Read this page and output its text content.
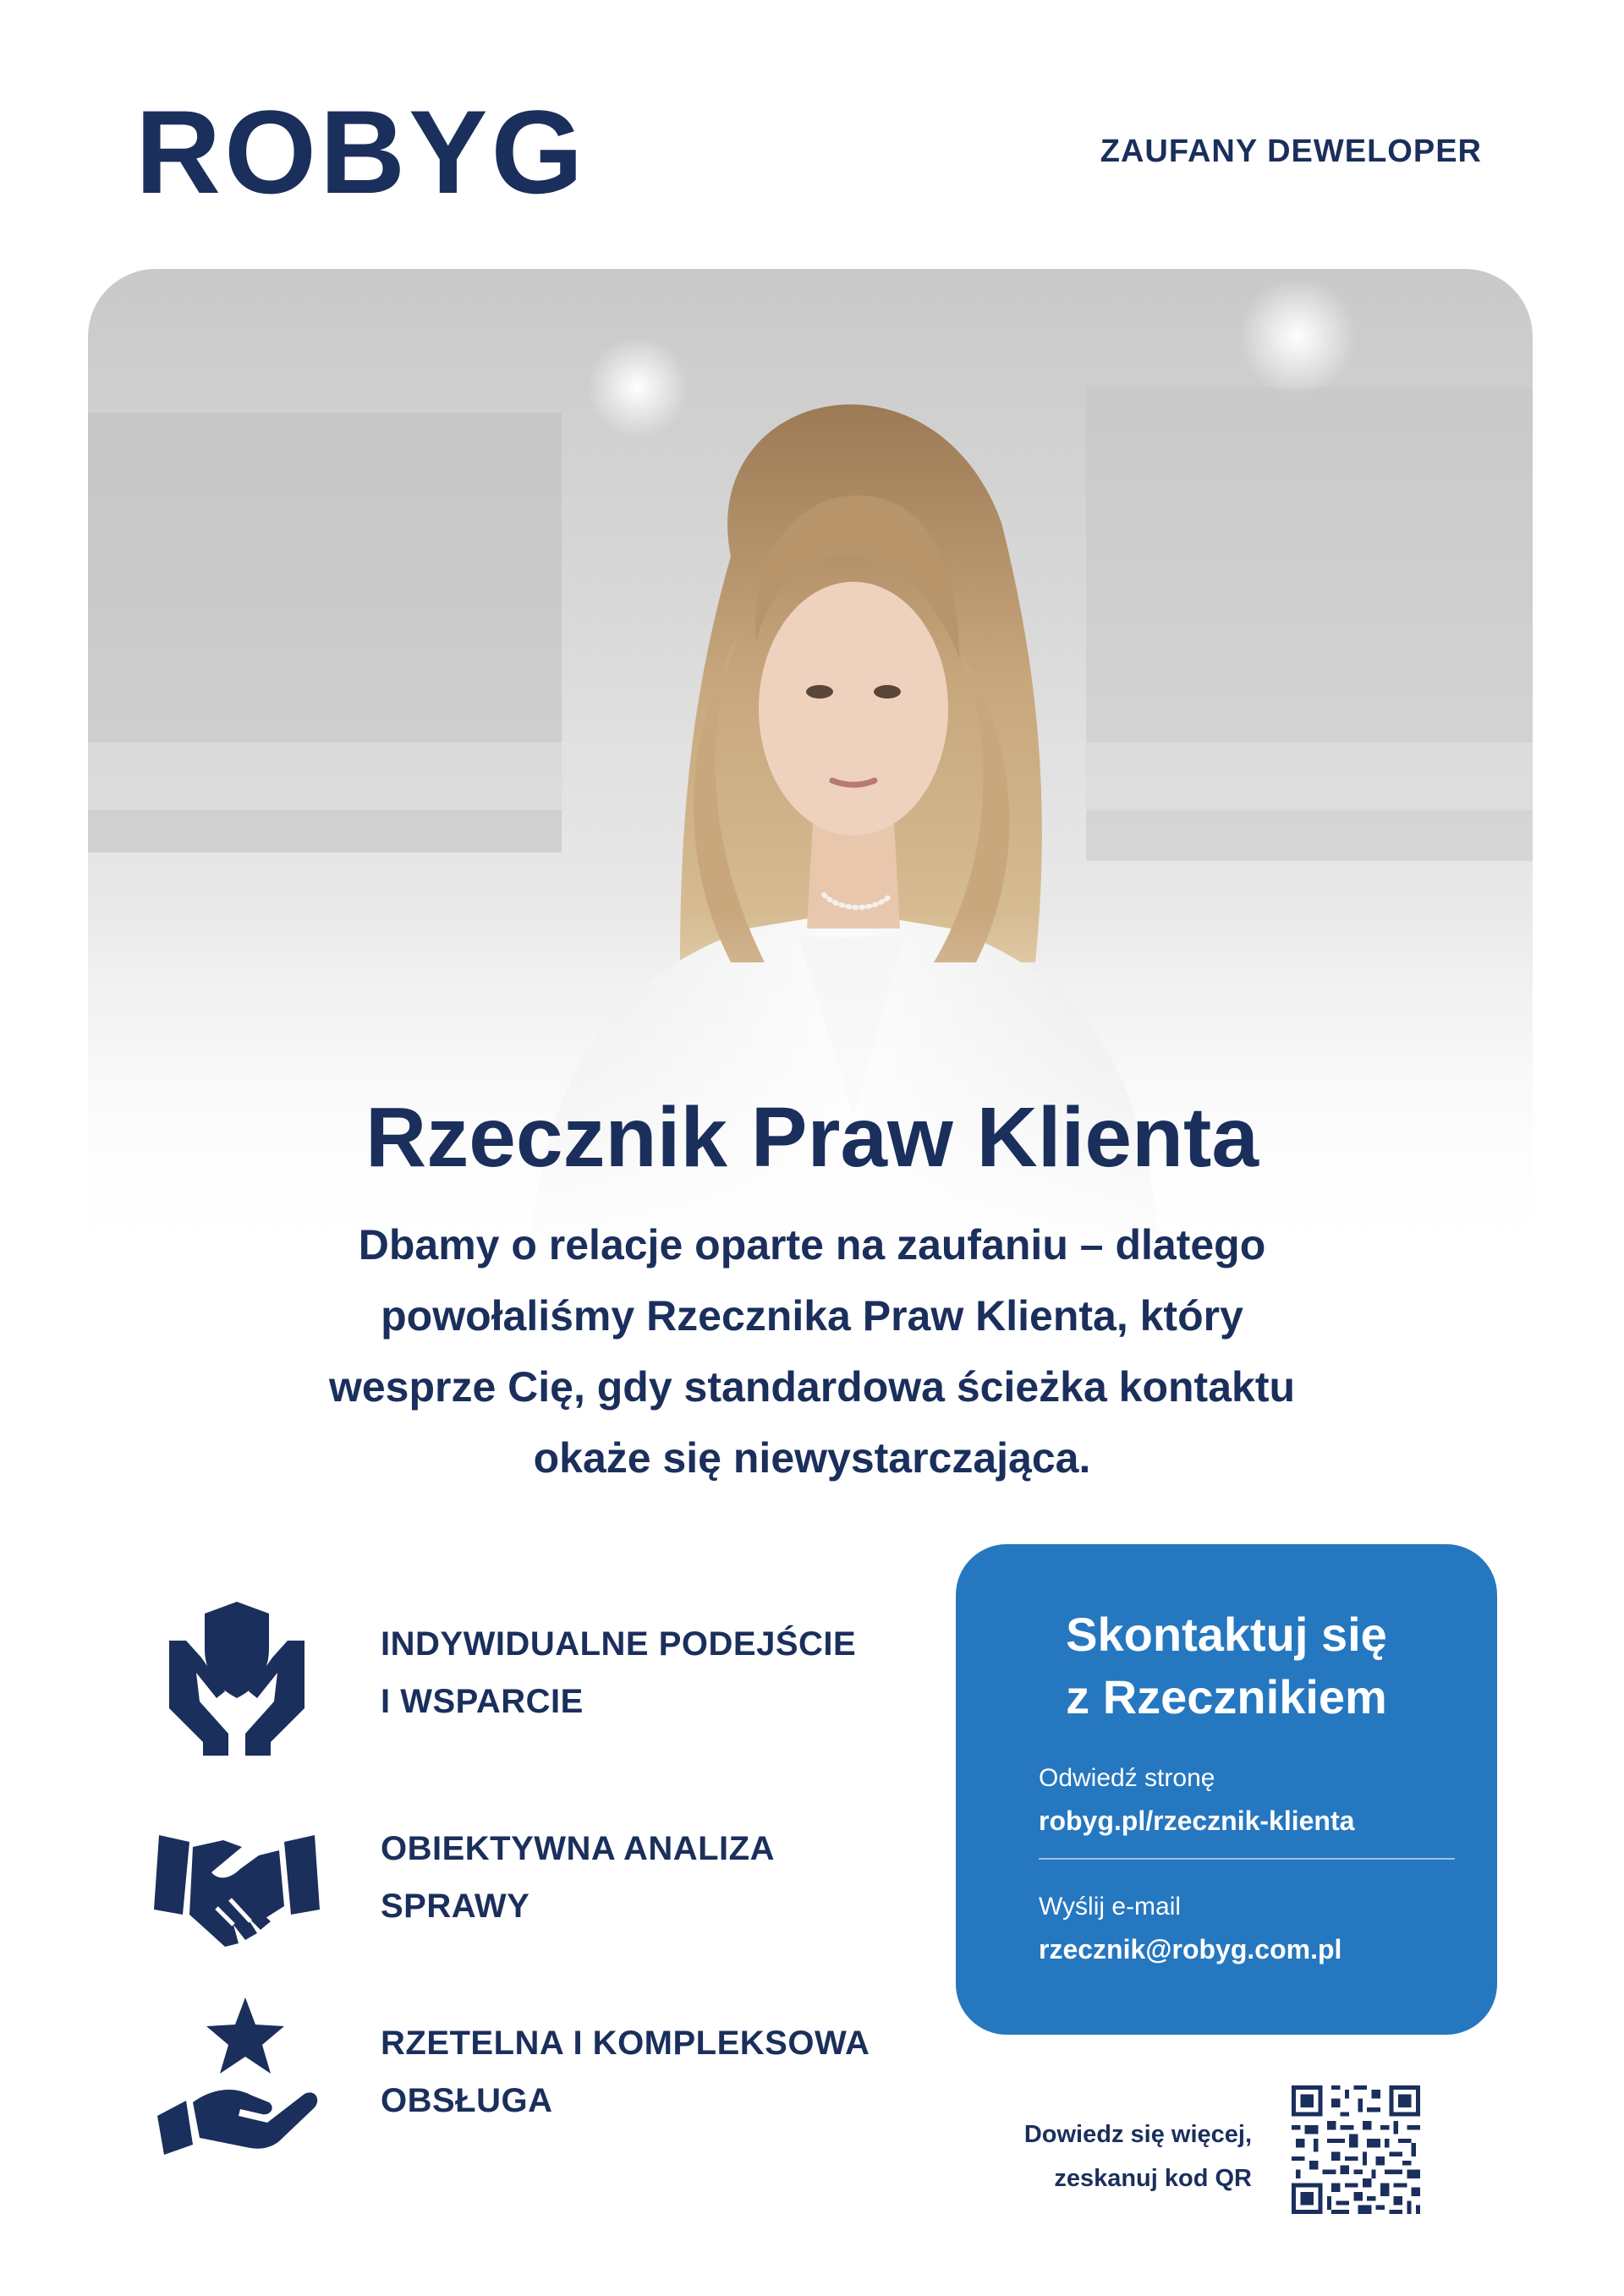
ROBYG	ZAUFANY DEWELOPER
Rzecznik Praw Klienta
Dbamy o relacje oparte na zaufaniu – dlatego
powołaliśmy Rzecznika Praw Klienta, który
wesprze Cię, gdy standardowa ścieżka kontaktu
okaże się niewystarczająca.
INDYWIDUALNE PODEJŚCIE
I WSPARCIE
OBIEKTYWNA ANALIZA
SPRAWY
RZETELNA I KOMPLEKSOWA
OBSŁUGA
Skontaktuj się
z Rzecznikiem
Odwiedź stronę
robyg.pl/rzecznik-klienta
Wyślij e-mail
rzecznik@robyg.com.pl
Dowiedz się więcej,
zeskanuj kod QR
